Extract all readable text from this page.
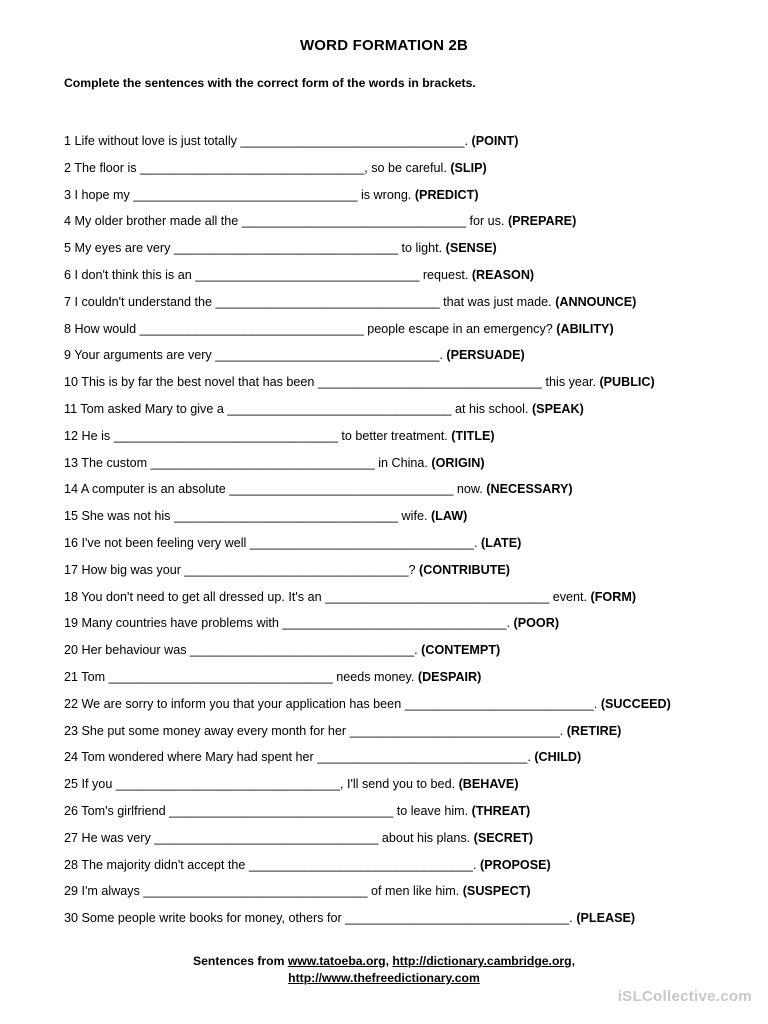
WORD FORMATION 2B
Complete the sentences with the correct form of the words in brackets.
1 Life without love is just totally ________________________________. (POINT)
2 The floor is ________________________________, so be careful. (SLIP)
3 I hope my ________________________________ is wrong. (PREDICT)
4 My older brother made all the ________________________________ for us. (PREPARE)
5 My eyes are very ________________________________ to light. (SENSE)
6 I don't think this is an ________________________________ request. (REASON)
7 I couldn't understand the ________________________________ that was just made. (ANNOUNCE)
8 How would ________________________________ people escape in an emergency? (ABILITY)
9 Your arguments are very ________________________________. (PERSUADE)
10 This is by far the best novel that has been ________________________________ this year. (PUBLIC)
11 Tom asked Mary to give a ________________________________ at his school. (SPEAK)
12 He is ________________________________ to better treatment. (TITLE)
13 The custom ________________________________ in China. (ORIGIN)
14 A computer is an absolute ________________________________ now. (NECESSARY)
15 She was not his ________________________________ wife. (LAW)
16 I've not been feeling very well ________________________________. (LATE)
17 How big was your ________________________________? (CONTRIBUTE)
18 You don't need to get all dressed up. It's an ________________________________ event. (FORM)
19 Many countries have problems with ________________________________. (POOR)
20 Her behaviour was ________________________________. (CONTEMPT)
21 Tom ________________________________ needs money. (DESPAIR)
22 We are sorry to inform you that your application has been ___________________________. (SUCCEED)
23 She put some money away every month for her ______________________________. (RETIRE)
24 Tom wondered where Mary had spent her ______________________________. (CHILD)
25 If you ________________________________, I'll send you to bed. (BEHAVE)
26 Tom's girlfriend ________________________________ to leave him. (THREAT)
27 He was very ________________________________ about his plans. (SECRET)
28 The majority didn't accept the ________________________________. (PROPOSE)
29 I'm always ________________________________ of men like him. (SUSPECT)
30 Some people write books for money, others for ________________________________. (PLEASE)
Sentences from www.tatoeba.org, http://dictionary.cambridge.org,
http://www.thefreedictionary.com
iSLCollective.com
